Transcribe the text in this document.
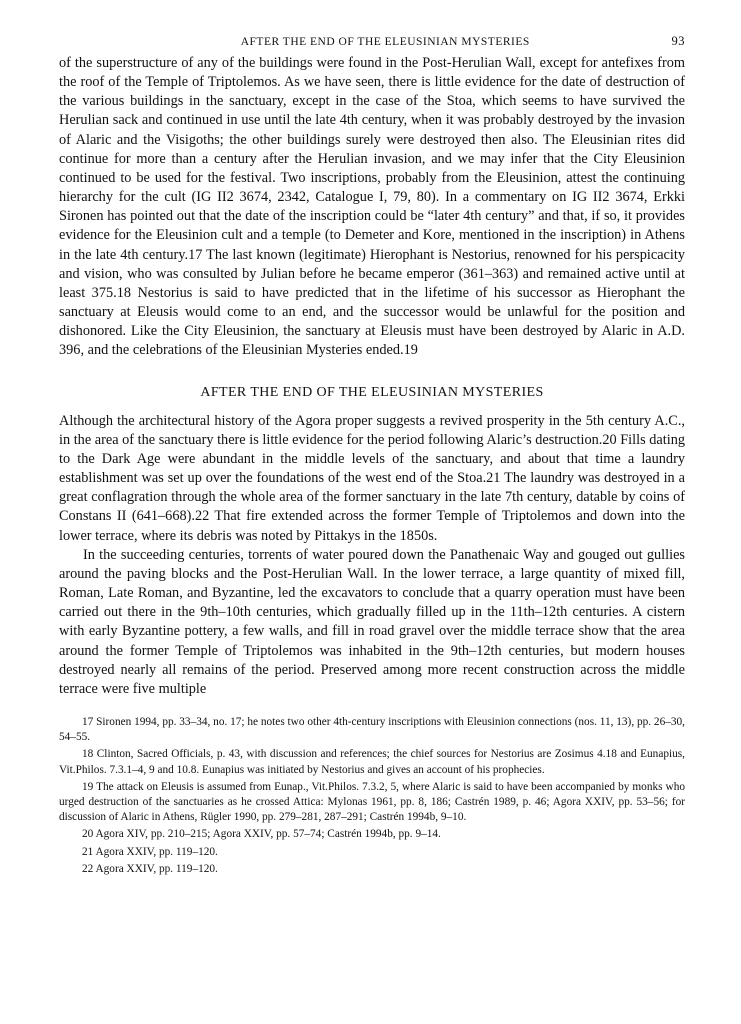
AFTER THE END OF THE ELEUSINIAN MYSTERIES	93

of the superstructure of any of the buildings were found in the Post-Herulian Wall, except for antefixes from the roof of the Temple of Triptolemos. As we have seen, there is little evidence for the date of destruction of the various buildings in the sanctuary, except in the case of the Stoa, which seems to have survived the Herulian sack and continued in use until the late 4th century, when it was probably destroyed by the invasion of Alaric and the Visigoths; the other buildings surely were destroyed then also. The Eleusinian rites did continue for more than a century after the Herulian invasion, and we may infer that the City Eleusinion continued to be used for the festival. Two inscriptions, probably from the Eleusinion, attest the continuing hierarchy for the cult (IG II2 3674, 2342, Catalogue I, 79, 80). In a commentary on IG II2 3674, Erkki Sironen has pointed out that the date of the inscription could be “later 4th century” and that, if so, it provides evidence for the Eleusinion cult and a temple (to Demeter and Kore, mentioned in the inscription) in Athens in the late 4th century.17 The last known (legitimate) Hierophant is Nestorius, renowned for his perspicacity and vision, who was consulted by Julian before he became emperor (361–363) and remained active until at least 375.18 Nestorius is said to have predicted that in the lifetime of his successor as Hierophant the sanctuary at Eleusis would come to an end, and the successor would be unlawful for the position and dishonored. Like the City Eleusinion, the sanctuary at Eleusis must have been destroyed by Alaric in A.D. 396, and the celebrations of the Eleusinian Mysteries ended.19

AFTER THE END OF THE ELEUSINIAN MYSTERIES

Although the architectural history of the Agora proper suggests a revived prosperity in the 5th century A.C., in the area of the sanctuary there is little evidence for the period following Alaric’s destruction.20 Fills dating to the Dark Age were abundant in the middle levels of the sanctuary, and about that time a laundry establishment was set up over the foundations of the west end of the Stoa.21 The laundry was destroyed in a great conflagration through the whole area of the former sanctuary in the late 7th century, datable by coins of Constans II (641–668).22 That fire extended across the former Temple of Triptolemos and down into the lower terrace, where its debris was noted by Pittakys in the 1850s.

In the succeeding centuries, torrents of water poured down the Panathenaic Way and gouged out gullies around the paving blocks and the Post-Herulian Wall. In the lower terrace, a large quantity of mixed fill, Roman, Late Roman, and Byzantine, led the excavators to conclude that a quarry operation must have been carried out there in the 9th–10th centuries, which gradually filled up in the 11th–12th centuries. A cistern with early Byzantine pottery, a few walls, and fill in road gravel over the middle terrace show that the area around the former Temple of Triptolemos was inhabited in the 9th–12th centuries, but modern houses destroyed nearly all remains of the period. Preserved among more recent construction across the middle terrace were five multiple

17 Sironen 1994, pp. 33–34, no. 17; he notes two other 4th-century inscriptions with Eleusinion connections (nos. 11, 13), pp. 26–30, 54–55.

18 Clinton, Sacred Officials, p. 43, with discussion and references; the chief sources for Nestorius are Zosimus 4.18 and Eunapius, Vit.Philos. 7.3.1–4, 9 and 10.8. Eunapius was initiated by Nestorius and gives an account of his prophecies.

19 The attack on Eleusis is assumed from Eunap., Vit.Philos. 7.3.2, 5, where Alaric is said to have been accompanied by monks who urged destruction of the sanctuaries as he crossed Attica: Mylonas 1961, pp. 8, 186; Castrén 1989, p. 46; Agora XXIV, pp. 53–56; for discussion of Alaric in Athens, Rügler 1990, pp. 279–281, 287–291; Castrén 1994b, 9–10.

20 Agora XIV, pp. 210–215; Agora XXIV, pp. 57–74; Castrén 1994b, pp. 9–14.

21 Agora XXIV, pp. 119–120.

22 Agora XXIV, pp. 119–120.
